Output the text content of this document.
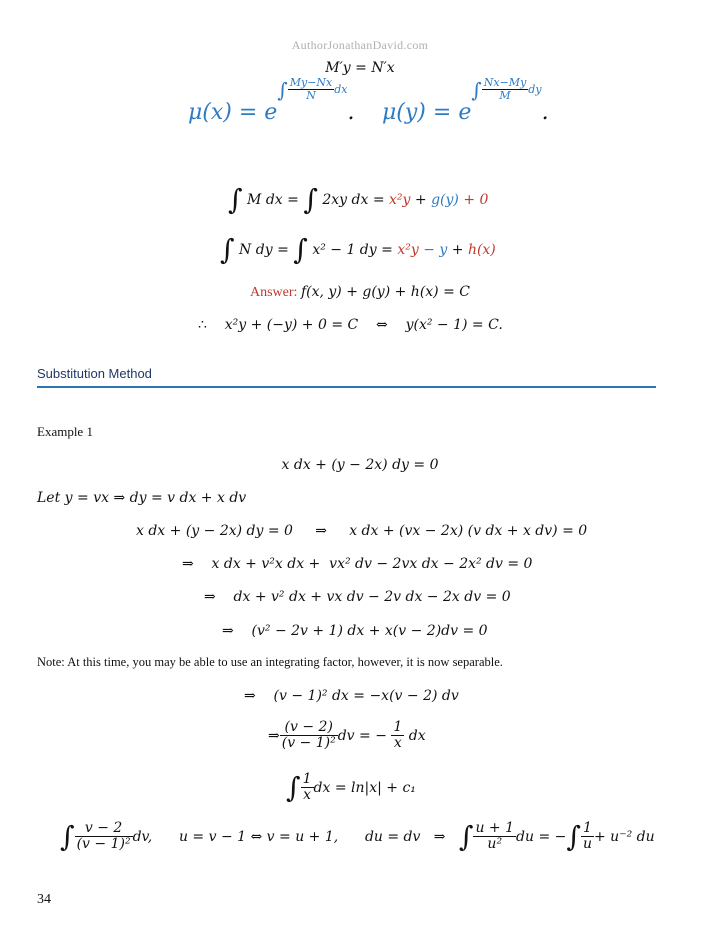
AuthorJonathanDavid.com
M′y = N′x
$\mu(x) = e^{\int \frac{My-Nx}{N} dx}$. $\mu(y) = e^{\int \frac{Nx-My}{M} dy}$.
∫ M dx = ∫ 2xy dx = x²y + g(y) + 0
∫ N dy = ∫ x² − 1 dy = x²y − y + h(x)
Answer: f(x, y) + g(y) + h(x) = C
∴ x²y + (−y) + 0 = C ⇔ y(x² − 1) = C.
Substitution Method
Example 1
x dx + (y − 2x) dy = 0
Let y = vx ⇒ dy = v dx + x dv
x dx + (y − 2x) dy = 0     ⇒     x dx + (vx − 2x) (v dx + x dv) = 0
⇒    x dx + v²x dx +  vx² dv − 2vx dx − 2x² dv = 0
⇒    dx + v² dx + vx dv − 2v dx − 2x dv = 0
⇒    (v² − 2v + 1) dx + x(v − 2)dv = 0
Note: At this time, you may be able to use an integrating factor, however, it is now separable.
⇒    (v − 1)² dx = −x(v − 2) dv
⇒ $\frac{(v - 2)}{\text{(v − 1)²}}$ dv = − $\frac{1}{x}$ dx
∫ $\frac{1}{x}$ dx = ln|x| + c₁
∫ $\frac{v - 2}{\text{(v − 1)²}}$ dv, u = v − 1 ⇔ v = u + 1, du = dv ⇒ ∫ $\frac{u + 1}{\text{u²}}$ du = −∫ $\frac{1}{u} + u^{-2}$ du
34
